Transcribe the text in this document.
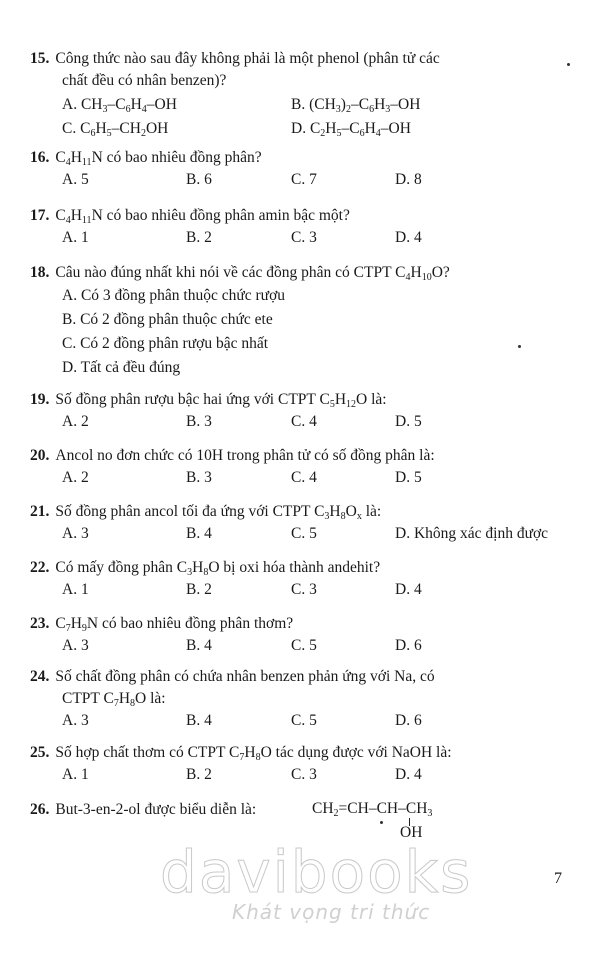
15. Công thức nào sau đây không phải là một phenol (phân tử các
chất đều có nhân benzen)?
A. $CH_3-C_6H_4-OH$	B. $(CH_3)_2-C_6H_3-OH$
C. $C_6H_5-CH_2OH$	D. $C_2H_5-C_6H_4-OH$
16. $C_4H_{11}N$ có bao nhiêu đồng phân?
A. 5	B. 6	C. 7	D. 8
17. $C_4H_{11}N$ có bao nhiêu đồng phân amin bậc một?
A. 1	B. 2	C. 3	D. 4
18. Câu nào đúng nhất khi nói về các đồng phân có CTPT $C_4H_{10}O$?
A. Có 3 đồng phân thuộc chức rượu
B. Có 2 đồng phân thuộc chức ete
C. Có 2 đồng phân rượu bậc nhất
D. Tất cả đều đúng
19. Số đồng phân rượu bậc hai ứng với CTPT $C_5H_{12}O$ là:
A. 2	B. 3	C. 4	D. 5
20. Ancol no đơn chức có 10H trong phân tử có số đồng phân là:
A. 2	B. 3	C. 4	D. 5
21. Số đồng phân ancol tối đa ứng với CTPT $C_3H_8O_x$ là:
A. 3	B. 4	C. 5	D. Không xác định được
22. Có mấy đồng phân $C_3H_8O$ bị oxi hóa thành andehit?
A. 1	B. 2	C. 3	D. 4
23. $C_7H_9N$ có bao nhiêu đồng phân thơm?
A. 3	B. 4	C. 5	D. 6
24. Số chất đồng phân có chứa nhân benzen phản ứng với Na, có
CTPT $C_7H_8O$ là:
A. 3	B. 4	C. 5	D. 6
25. Số hợp chất thơm có CTPT $C_7H_8O$ tác dụng được với NaOH là:
A. 1	B. 2	C. 3	D. 4
26. But-3-en-2-ol được biểu diễn là:	$CH_2=CH-CH-CH_3$
OH
7
davibooks
Khát vọng tri thức
